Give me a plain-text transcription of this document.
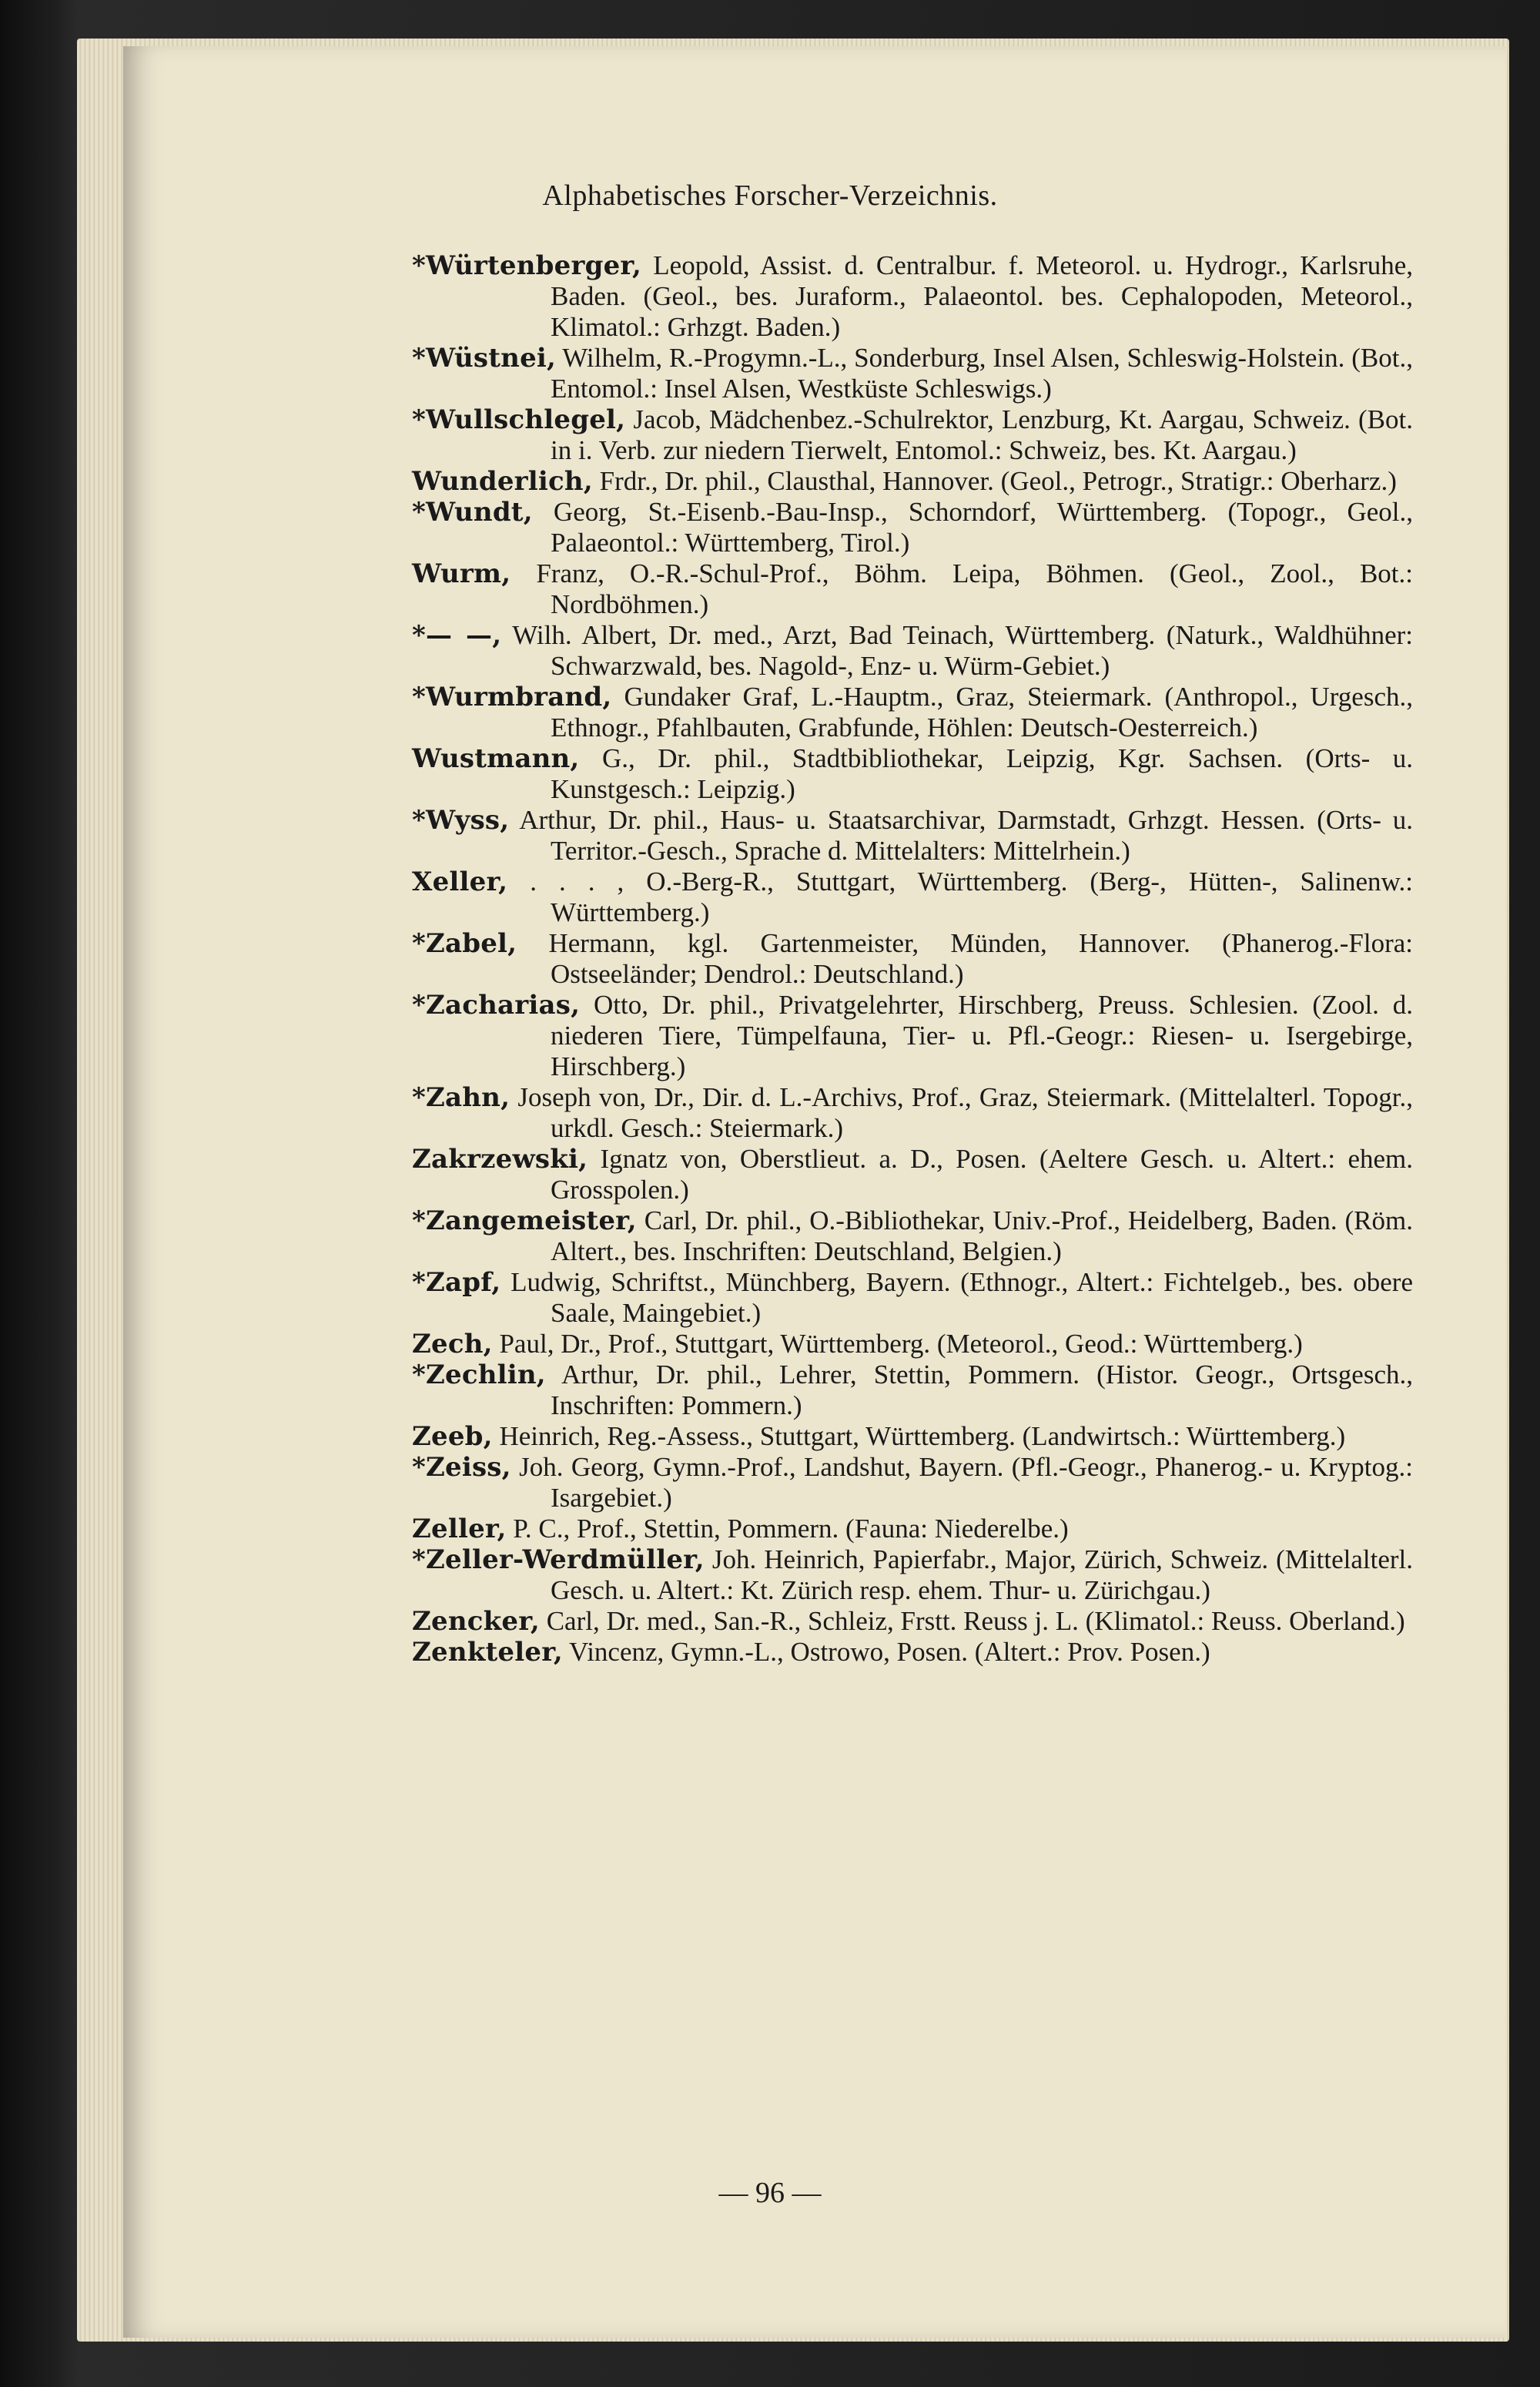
Alphabetisches Forscher-Verzeichnis.

*Würtenberger, Leopold, Assist. d. Centralbur. f. Meteorol. u. Hydrogr., Karlsruhe, Baden. (Geol., bes. Juraform., Palaeontol. bes. Cephalopoden, Meteorol., Klimatol.: Grhzgt. Baden.)

*Wüstnei, Wilhelm, R.-Progymn.-L., Sonderburg, Insel Alsen, Schleswig-Holstein. (Bot., Entomol.: Insel Alsen, Westküste Schleswigs.)

*Wullschlegel, Jacob, Mädchenbez.-Schulrektor, Lenzburg, Kt. Aargau, Schweiz. (Bot. in i. Verb. zur niedern Tierwelt, Entomol.: Schweiz, bes. Kt. Aargau.)

Wunderlich, Frdr., Dr. phil., Clausthal, Hannover. (Geol., Petrogr., Stratigr.: Oberharz.)

*Wundt, Georg, St.-Eisenb.-Bau-Insp., Schorndorf, Württemberg. (Topogr., Geol., Palaeontol.: Württemberg, Tirol.)

Wurm, Franz, O.-R.-Schul-Prof., Böhm. Leipa, Böhmen. (Geol., Zool., Bot.: Nordböhmen.)

*— —, Wilh. Albert, Dr. med., Arzt, Bad Teinach, Württemberg. (Naturk., Waldhühner: Schwarzwald, bes. Nagold-, Enz- u. Würm-Gebiet.)

*Wurmbrand, Gundaker Graf, L.-Hauptm., Graz, Steiermark. (Anthropol., Urgesch., Ethnogr., Pfahlbauten, Grabfunde, Höhlen: Deutsch-Oesterreich.)

Wustmann, G., Dr. phil., Stadtbibliothekar, Leipzig, Kgr. Sachsen. (Orts- u. Kunstgesch.: Leipzig.)

*Wyss, Arthur, Dr. phil., Haus- u. Staatsarchivar, Darmstadt, Grhzgt. Hessen. (Orts- u. Territor.-Gesch., Sprache d. Mittelalters: Mittelrhein.)

Xeller, . . . , O.-Berg-R., Stuttgart, Württemberg. (Berg-, Hütten-, Salinenw.: Württemberg.)

*Zabel, Hermann, kgl. Gartenmeister, Münden, Hannover. (Phanerog.-Flora: Ostseeländer; Dendrol.: Deutschland.)

*Zacharias, Otto, Dr. phil., Privatgelehrter, Hirschberg, Preuss. Schlesien. (Zool. d. niederen Tiere, Tümpelfauna, Tier- u. Pfl.-Geogr.: Riesen- u. Isergebirge, Hirschberg.)

*Zahn, Joseph von, Dr., Dir. d. L.-Archivs, Prof., Graz, Steiermark. (Mittelalterl. Topogr., urkdl. Gesch.: Steiermark.)

Zakrzewski, Ignatz von, Oberstlieut. a. D., Posen. (Aeltere Gesch. u. Altert.: ehem. Grosspolen.)

*Zangemeister, Carl, Dr. phil., O.-Bibliothekar, Univ.-Prof., Heidelberg, Baden. (Röm. Altert., bes. Inschriften: Deutschland, Belgien.)

*Zapf, Ludwig, Schriftst., Münchberg, Bayern. (Ethnogr., Altert.: Fichtelgeb., bes. obere Saale, Maingebiet.)

Zech, Paul, Dr., Prof., Stuttgart, Württemberg. (Meteorol., Geod.: Württemberg.)

*Zechlin, Arthur, Dr. phil., Lehrer, Stettin, Pommern. (Histor. Geogr., Ortsgesch., Inschriften: Pommern.)

Zeeb, Heinrich, Reg.-Assess., Stuttgart, Württemberg. (Landwirtsch.: Württemberg.)

*Zeiss, Joh. Georg, Gymn.-Prof., Landshut, Bayern. (Pfl.-Geogr., Phanerog.- u. Kryptog.: Isargebiet.)

Zeller, P. C., Prof., Stettin, Pommern. (Fauna: Niederelbe.)

*Zeller-Werdmüller, Joh. Heinrich, Papierfabr., Major, Zürich, Schweiz. (Mittelalterl. Gesch. u. Altert.: Kt. Zürich resp. ehem. Thur- u. Zürichgau.)

Zencker, Carl, Dr. med., San.-R., Schleiz, Frstt. Reuss j. L. (Klimatol.: Reuss. Oberland.)

Zenkteler, Vincenz, Gymn.-L., Ostrowo, Posen. (Altert.: Prov. Posen.)

— 96 —
